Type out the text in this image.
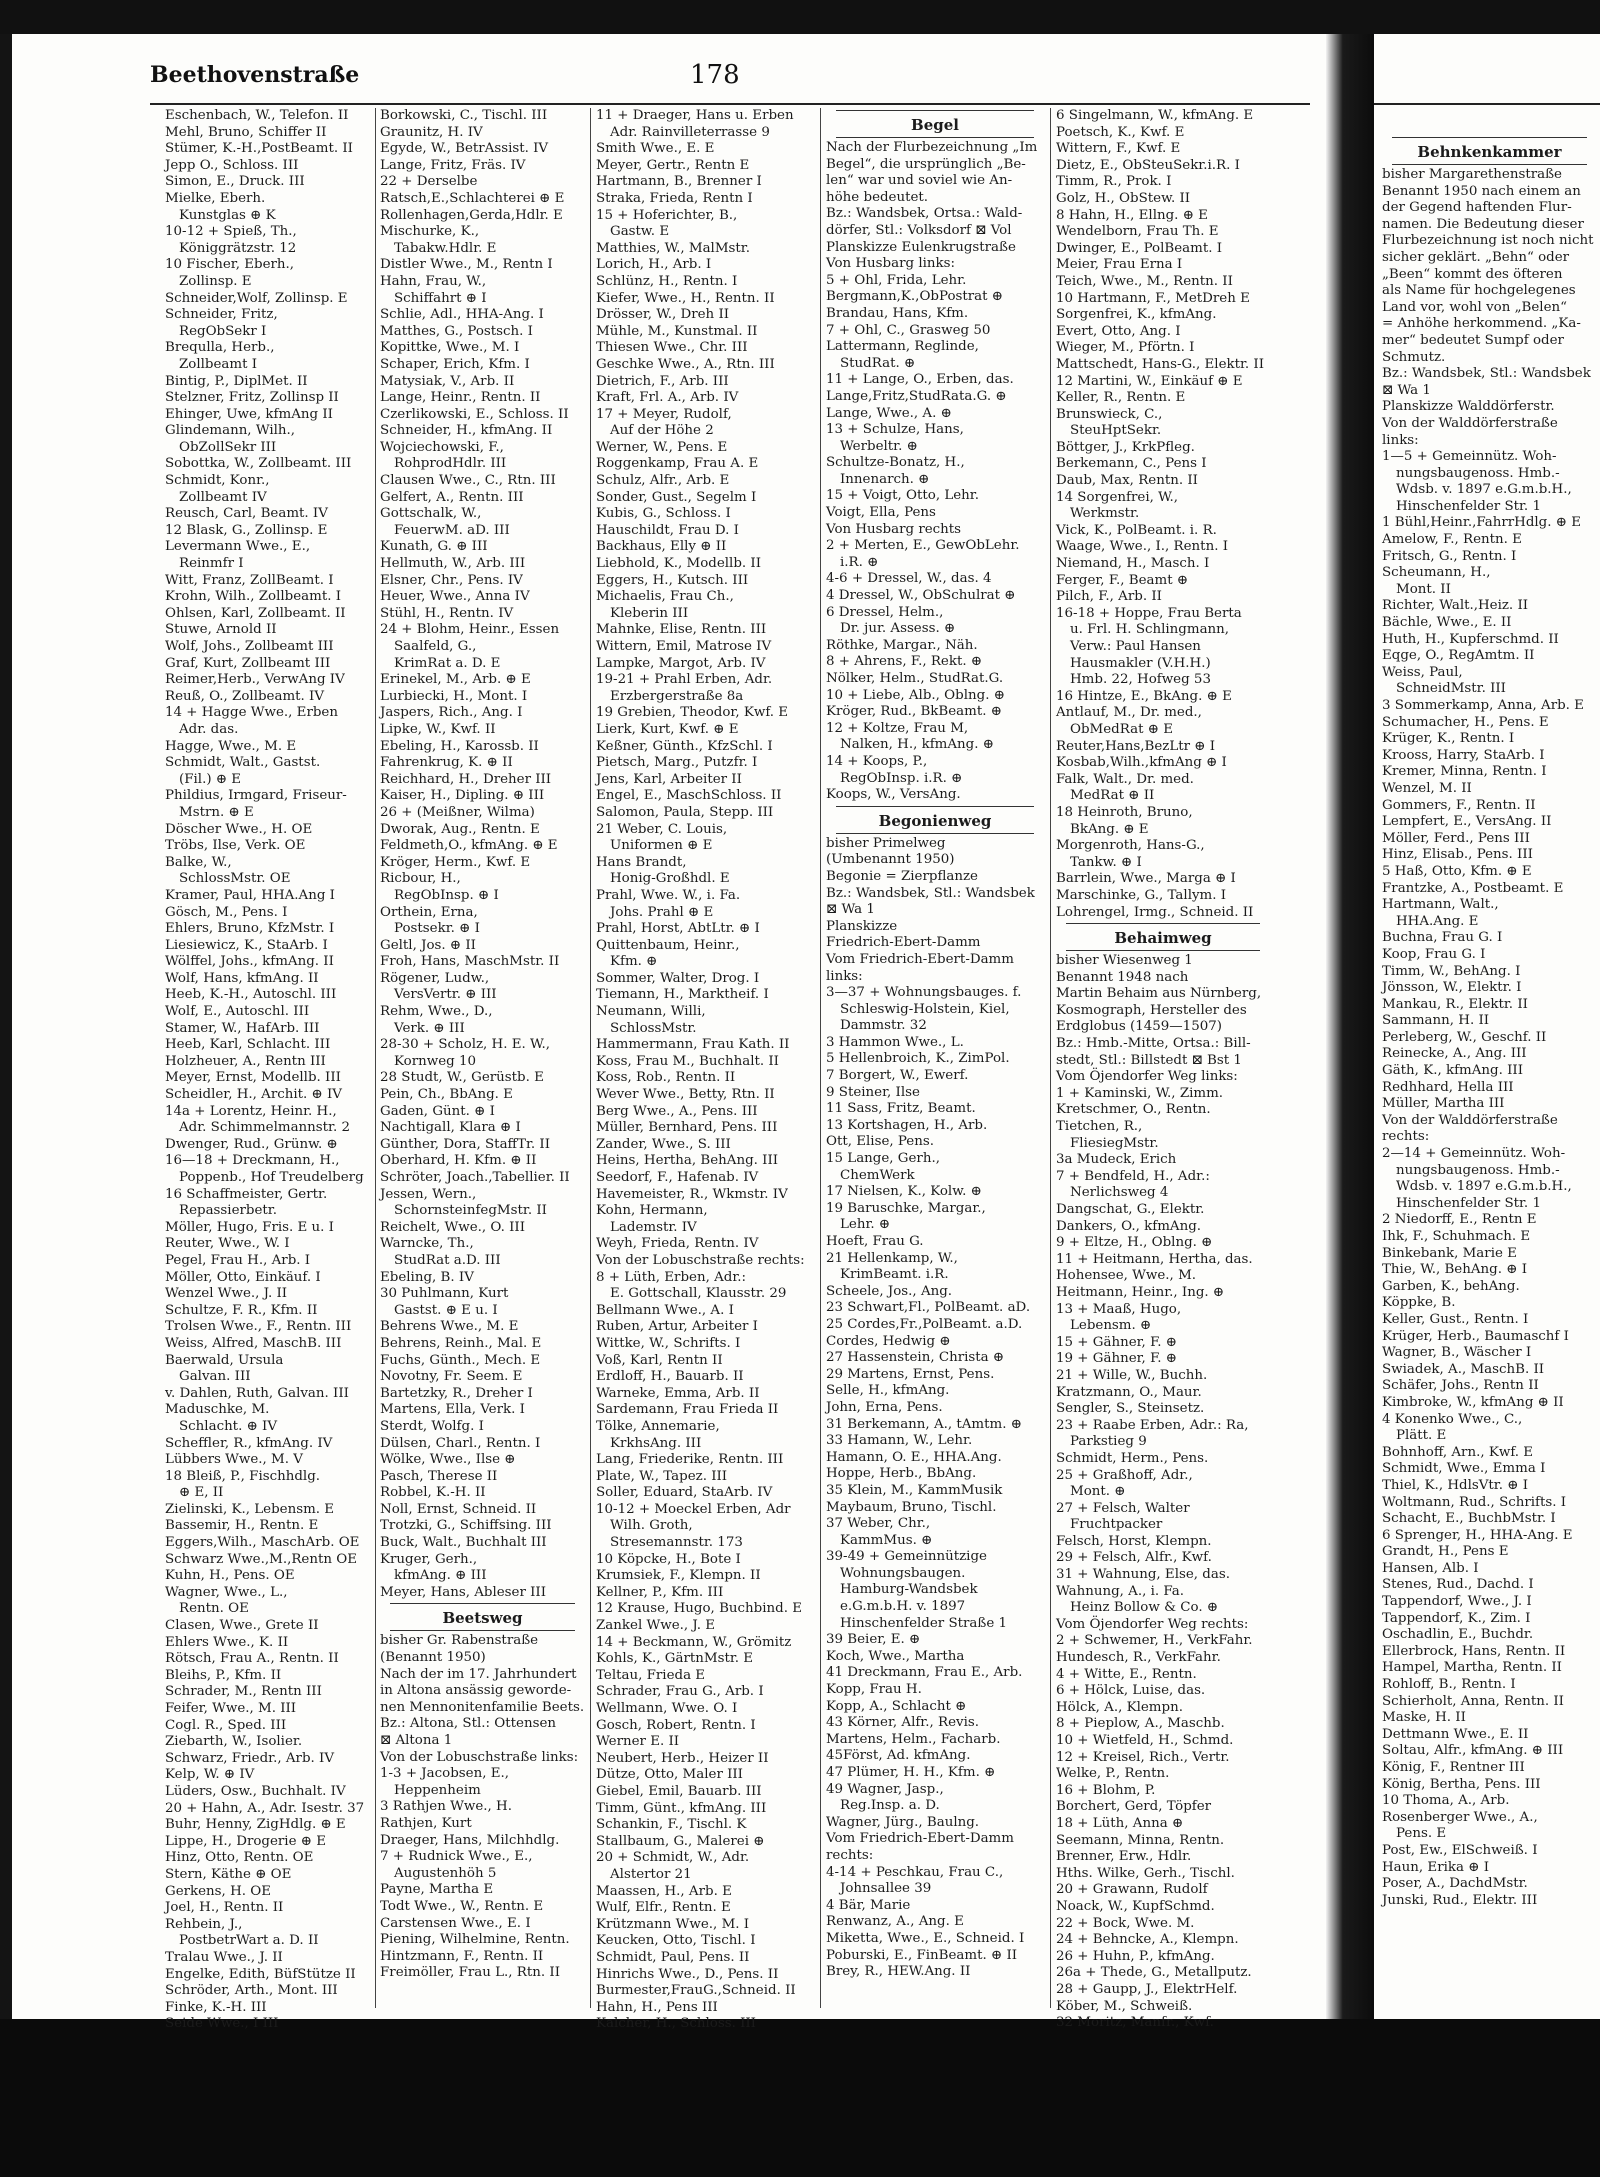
Beethovenstraße	178
Eschenbach, W., Telefon. II
Mehl, Bruno, Schiffer II
Stümer, K.-H.,PostBeamt. II
Jepp O., Schloss. III
Simon, E., Druck. III
Mielke, Eberh.
Kunstglas ⊕ K
10-12 + Spieß, Th.,
Königgrätzstr. 12
10 Fischer, Eberh.,
Zollinsp. E
Schneider,Wolf, Zollinsp. E
Schneider, Fritz,
RegObSekr I
Brequlla, Herb.,
Zollbeamt I
Bintig, P., DiplMet. II
Stelzner, Fritz, Zollinsp II
Ehinger, Uwe, kfmAng II
Glindemann, Wilh.,
ObZollSekr III
Sobottka, W., Zollbeamt. III
Schmidt, Konr.,
Zollbeamt IV
Reusch, Carl, Beamt. IV
12 Blask, G., Zollinsp. E
Levermann Wwe., E.,
Reinmfr I
Witt, Franz, ZollBeamt. I
Krohn, Wilh., Zollbeamt. I
Ohlsen, Karl, Zollbeamt. II
Stuwe, Arnold II
Wolf, Johs., Zollbeamt III
Graf, Kurt, Zollbeamt III
Reimer,Herb., VerwAng IV
Reuß, O., Zollbeamt. IV
14 + Hagge Wwe., Erben
Adr. das.
Hagge, Wwe., M. E
Schmidt, Walt., Gastst.
(Fil.) ⊕ E
Phildius, Irmgard, Friseur-
Mstrn. ⊕ E
Döscher Wwe., H. OE
Tröbs, Ilse, Verk. OE
Balke, W.,
SchlossMstr. OE
Kramer, Paul, HHA.Ang I
Gösch, M., Pens. I
Ehlers, Bruno, KfzMstr. I
Liesiewicz, K., StaArb. I
Wölffel, Johs., kfmAng. II
Wolf, Hans, kfmAng. II
Heeb, K.-H., Autoschl. III
Wolf, E., Autoschl. III
Stamer, W., HafArb. III
Heeb, Karl, Schlacht. III
Holzheuer, A., Rentn III
Meyer, Ernst, Modellb. III
Scheidler, H., Archit. ⊕ IV
14a + Lorentz, Heinr. H.,
Adr. Schimmelmannstr. 2
Dwenger, Rud., Grünw. ⊕
16—18 + Dreckmann, H.,
Poppenb., Hof Treudelberg
16 Schaffmeister, Gertr.
Repassierbetr.
Möller, Hugo, Fris. E u. I
Reuter, Wwe., W. I
Pegel, Frau H., Arb. I
Möller, Otto, Einkäuf. I
Wenzel Wwe., J. II
Schultze, F. R., Kfm. II
Trolsen Wwe., F., Rentn. III
Weiss, Alfred, MaschB. III
Baerwald, Ursula
Galvan. III
v. Dahlen, Ruth, Galvan. III
Maduschke, M.
Schlacht. ⊕ IV
Scheffler, R., kfmAng. IV
Lübbers Wwe., M. V
18 Bleiß, P., Fischhdlg.
⊕ E, II
Zielinski, K., Lebensm. E
Bassemir, H., Rentn. E
Eggers,Wilh., MaschArb. OE
Schwarz Wwe.,M.,Rentn OE
Kuhn, H., Pens. OE
Wagner, Wwe., L.,
Rentn. OE
Clasen, Wwe., Grete II
Ehlers Wwe., K. II
Rötsch, Frau A., Rentn. II
Bleihs, P., Kfm. II
Schrader, M., Rentn III
Feifer, Wwe., M. III
Cogl. R., Sped. III
Ziebarth, W., Isolier.
Schwarz, Friedr., Arb. IV
Kelp, W. ⊕ IV
Lüders, Osw., Buchhalt. IV
20 + Hahn, A., Adr. Isestr. 37
Buhr, Henny, ZigHdlg. ⊕ E
Lippe, H., Drogerie ⊕ E
Hinz, Otto, Rentn. OE
Stern, Käthe ⊕ OE
Gerkens, H. OE
Joel, H., Rentn. II
Rehbein, J.,
PostbetrWart a. D. II
Tralau Wwe., J. II
Engelke, Edith, BüfStütze II
Schröder, Arth., Mont. III
Finke, K.-H. III
Seide Wwe., I III
Borkowski, C., Tischl. III
Graunitz, H. IV
Egyde, W., BetrAssist. IV
Lange, Fritz, Fräs. IV
22 + Derselbe
Ratsch,E.,Schlachterei ⊕ E
Rollenhagen,Gerda,Hdlr. E
Mischurke, K.,
Tabakw.Hdlr. E
Distler Wwe., M., Rentn I
Hahn, Frau, W.,
Schiffahrt ⊕ I
Schlie, Adl., HHA-Ang. I
Matthes, G., Postsch. I
Kopittke, Wwe., M. I
Schaper, Erich, Kfm. I
Matysiak, V., Arb. II
Lange, Heinr., Rentn. II
Czerlikowski, E., Schloss. II
Schneider, H., kfmAng. II
Wojciechowski, F.,
RohprodHdlr. III
Clausen Wwe., C., Rtn. III
Gelfert, A., Rentn. III
Gottschalk, W.,
FeuerwM. aD. III
Kunath, G. ⊕ III
Hellmuth, W., Arb. III
Elsner, Chr., Pens. IV
Heuer, Wwe., Anna IV
Stühl, H., Rentn. IV
24 + Blohm, Heinr., Essen
Saalfeld, G.,
KrimRat a. D. E
Erinekel, M., Arb. ⊕ E
Lurbiecki, H., Mont. I
Jaspers, Rich., Ang. I
Lipke, W., Kwf. II
Ebeling, H., Karossb. II
Fahrenkrug, K. ⊕ II
Reichhard, H., Dreher III
Kaiser, H., Dipling. ⊕ III
26 + (Meißner, Wilma)
Dworak, Aug., Rentn. E
Feldmeth,O., kfmAng. ⊕ E
Kröger, Herm., Kwf. E
Ricbour, H.,
RegObInsp. ⊕ I
Orthein, Erna,
Postsekr. ⊕ I
Geltl, Jos. ⊕ II
Froh, Hans, MaschMstr. II
Rögener, Ludw.,
VersVertr. ⊕ III
Rehm, Wwe., D.,
Verk. ⊕ III
28-30 + Scholz, H. E. W.,
Kornweg 10
28 Studt, W., Gerüstb. E
Pein, Ch., BbAng. E
Gaden, Günt. ⊕ I
Nachtigall, Klara ⊕ I
Günther, Dora, StaffTr. II
Oberhard, H. Kfm. ⊕ II
Schröter, Joach.,Tabellier. II
Jessen, Wern.,
SchornsteinfegMstr. II
Reichelt, Wwe., O. III
Warncke, Th.,
StudRat a.D. III
Ebeling, B. IV
30 Puhlmann, Kurt
Gastst. ⊕ E u. I
Behrens Wwe., M. E
Behrens, Reinh., Mal. E
Fuchs, Günth., Mech. E
Novotny, Fr. Seem. E
Bartetzky, R., Dreher I
Martens, Ella, Verk. I
Sterdt, Wolfg. I
Dülsen, Charl., Rentn. I
Wölke, Wwe., Ilse ⊕
Pasch, Therese II
Robbel, K.-H. II
Noll, Ernst, Schneid. II
Trotzki, G., Schiffsing. III
Buck, Walt., Buchhalt III
Kruger, Gerh.,
kfmAng. ⊕ III
Meyer, Hans, Ableser III
Beetsweg
bisher Gr. Rabenstraße
(Benannt 1950)
Nach der im 17. Jahrhundert
in Altona ansässig geworde-
nen Mennonitenfamilie Beets.
Bz.: Altona, Stl.: Ottensen
⊠ Altona 1
Von der Lobuschstraße links:
1-3 + Jacobsen, E.,
Heppenheim
3 Rathjen Wwe., H.
Rathjen, Kurt
Draeger, Hans, Milchhdlg.
7 + Rudnick Wwe., E.,
Augustenhöh 5
Payne, Martha E
Todt Wwe., W., Rentn. E
Carstensen Wwe., E. I
Piening, Wilhelmine, Rentn.
Hintzmann, F., Rentn. II
Freimöller, Frau L., Rtn. II
11 + Draeger, Hans u. Erben
Adr. Rainvilleterrasse 9
Smith Wwe., E. E
Meyer, Gertr., Rentn E
Hartmann, B., Brenner I
Straka, Frieda, Rentn I
15 + Hoferichter, B.,
Gastw. E
Matthies, W., MalMstr.
Lorich, H., Arb. I
Schlünz, H., Rentn. I
Kiefer, Wwe., H., Rentn. II
Drösser, W., Dreh II
Mühle, M., Kunstmal. II
Thiesen Wwe., Chr. III
Geschke Wwe., A., Rtn. III
Dietrich, F., Arb. III
Kraft, Frl. A., Arb. IV
17 + Meyer, Rudolf,
Auf der Höhe 2
Werner, W., Pens. E
Roggenkamp, Frau A. E
Schulz, Alfr., Arb. E
Sonder, Gust., Segelm I
Kubis, G., Schloss. I
Hauschildt, Frau D. I
Backhaus, Elly ⊕ II
Liebhold, K., Modellb. II
Eggers, H., Kutsch. III
Michaelis, Frau Ch.,
Kleberin III
Mahnke, Elise, Rentn. III
Wittern, Emil, Matrose IV
Lampke, Margot, Arb. IV
19-21 + Prahl Erben, Adr.
Erzbergerstraße 8a
19 Grebien, Theodor, Kwf. E
Lierk, Kurt, Kwf. ⊕ E
Keßner, Günth., KfzSchl. I
Pietsch, Marg., Putzfr. I
Jens, Karl, Arbeiter II
Engel, E., MaschSchloss. II
Salomon, Paula, Stepp. III
21 Weber, C. Louis,
Uniformen ⊕ E
Hans Brandt,
Honig-Großhdl. E
Prahl, Wwe. W., i. Fa.
Johs. Prahl ⊕ E
Prahl, Horst, AbtLtr. ⊕ I
Quittenbaum, Heinr.,
Kfm. ⊕
Sommer, Walter, Drog. I
Tiemann, H., Marktheif. I
Neumann, Willi,
SchlossMstr.
Hammermann, Frau Kath. II
Koss, Frau M., Buchhalt. II
Koss, Rob., Rentn. II
Wever Wwe., Betty, Rtn. II
Berg Wwe., A., Pens. III
Müller, Bernhard, Pens. III
Zander, Wwe., S. III
Heins, Hertha, BehAng. III
Seedorf, F., Hafenab. IV
Havemeister, R., Wkmstr. IV
Kohn, Hermann,
Lademstr. IV
Weyh, Frieda, Rentn. IV
Von der Lobuschstraße rechts:
8 + Lüth, Erben, Adr.:
E. Gottschall, Klausstr. 29
Bellmann Wwe., A. I
Ruben, Artur, Arbeiter I
Wittke, W., Schrifts. I
Voß, Karl, Rentn II
Erdloff, H., Bauarb. II
Warneke, Emma, Arb. II
Sardemann, Frau Frieda II
Tölke, Annemarie,
KrkhsAng. III
Lang, Friederike, Rentn. III
Plate, W., Tapez. III
Soller, Eduard, StaArb. IV
10-12 + Moeckel Erben, Adr
Wilh. Groth,
Stresemannstr. 173
10 Köpcke, H., Bote I
Krumsiek, F., Klempn. II
Kellner, P., Kfm. III
12 Krause, Hugo, Buchbind. E
Zankel Wwe., J. E
14 + Beckmann, W., Grömitz
Kohls, K., GärtnMstr. E
Teltau, Frieda E
Schrader, Frau G., Arb. I
Wellmann, Wwe. O. I
Gosch, Robert, Rentn. I
Werner E. II
Neubert, Herb., Heizer II
Dütze, Otto, Maler III
Giebel, Emil, Bauarb. III
Timm, Günt., kfmAng. III
Schankin, F., Tischl. K
Stallbaum, G., Malerei ⊕
20 + Schmidt, W., Adr.
Alstertor 21
Maassen, H., Arb. E
Wulf, Elfr., Rentn. E
Krützmann Wwe., M. I
Keucken, Otto, Tischl. I
Schmidt, Paul, Pens. II
Hinrichs Wwe., D., Pens. II
Burmester,FrauG.,Schneid. II
Hahn, H., Pens III
Kalcher, H., Schloss. III
Begel
Nach der Flurbezeichnung „Im
Begel“, die ursprünglich „Be-
len“ war und soviel wie An-
höhe bedeutet.
Bz.: Wandsbek, Ortsa.: Wald-
dörfer, Stl.: Volksdorf ⊠ Vol
Planskizze Eulenkrugstraße
Von Husbarg links:
5 + Ohl, Frida, Lehr.
Bergmann,K.,ObPostrat ⊕
Brandau, Hans, Kfm.
7 + Ohl, C., Grasweg 50
Lattermann, Reglinde,
StudRat. ⊕
11 + Lange, O., Erben, das.
Lange,Fritz,StudRatа.G. ⊕
Lange, Wwe., A. ⊕
13 + Schulze, Hans,
Werbeltr. ⊕
Schultze-Bonatz, H.,
Innenarch. ⊕
15 + Voigt, Otto, Lehr.
Voigt, Ella, Pens
Von Husbarg rechts
2 + Merten, E., GewObLehr.
i.R. ⊕
4-6 + Dressel, W., das. 4
4 Dressel, W., ObSchulrat ⊕
6 Dressel, Helm.,
Dr. jur. Assess. ⊕
Röthke, Margar., Näh.
8 + Ahrens, F., Rekt. ⊕
Nölker, Helm., StudRat.G.
10 + Liebe, Alb., Oblng. ⊕
Kröger, Rud., BkBeamt. ⊕
12 + Koltze, Frau M,
Nalken, H., kfmAng. ⊕
14 + Koops, P.,
RegObInsp. i.R. ⊕
Koops, W., VersAng.
Begonienweg
bisher Primelweg
(Umbenannt 1950)
Begonie = Zierpflanze
Bz.: Wandsbek, Stl.: Wandsbek
⊠ Wa 1
Planskizze
Friedrich-Ebert-Damm
Vom Friedrich-Ebert-Damm
links:
3—37 + Wohnungsbauges. f.
Schleswig-Holstein, Kiel,
Dammstr. 32
3 Hammon Wwe., L.
5 Hellenbroich, K., ZimPol.
7 Borgert, W., Ewerf.
9 Steiner, Ilse
11 Sass, Fritz, Beamt.
13 Kortshagen, H., Arb.
Ott, Elise, Pens.
15 Lange, Gerh.,
ChemWerk
17 Nielsen, K., Kolw. ⊕
19 Baruschke, Margar.,
Lehr. ⊕
Hoeft, Frau G.
21 Hellenkamp, W.,
KrimBeamt. i.R.
Scheele, Jos., Ang.
23 Schwart,Fl., PolBeamt. aD.
25 Cordes,Fr.,PolBeamt. a.D.
Cordes, Hedwig ⊕
27 Hassenstein, Christa ⊕
29 Martens, Ernst, Pens.
Selle, H., kfmAng.
John, Erna, Pens.
31 Berkemann, A., tAmtm. ⊕
33 Hamann, W., Lehr.
Hamann, O. E., HHA.Ang.
Hoppe, Herb., BbAng.
35 Klein, M., KammMusik
Maybaum, Bruno, Tischl.
37 Weber, Chr.,
KammMus. ⊕
39-49 + Gemeinnützige
Wohnungsbaugen.
Hamburg-Wandsbek
e.G.m.b.H. v. 1897
Hinschenfelder Straße 1
39 Beier, E. ⊕
Koch, Wwe., Martha
41 Dreckmann, Frau E., Arb.
Kopp, Frau H.
Kopp, A., Schlacht ⊕
43 Körner, Alfr., Revis.
Martens, Helm., Facharb.
45Först, Ad. kfmAng.
47 Plümer, H. H., Kfm. ⊕
49 Wagner, Jasp.,
Reg.Insp. a. D.
Wagner, Jürg., Baulng.
Vom Friedrich-Ebert-Damm
rechts:
4-14 + Peschkau, Frau C.,
Johnsallee 39
4 Bär, Marie
Renwanz, A., Ang. E
Miketta, Wwe., E., Schneid. I
Poburski, E., FinBeamt. ⊕ II
Brey, R., HEW.Ang. II
6 Singelmann, W., kfmAng. E
Poetsch, K., Kwf. E
Wittern, F., Kwf. E
Dietz, E., ObSteuSekr.i.R. I
Timm, R., Prok. I
Golz, H., ObStew. II
8 Hahn, H., Ellng. ⊕ E
Wendelborn, Frau Th. E
Dwinger, E., PolBeamt. I
Meier, Frau Erna I
Teich, Wwe., M., Rentn. II
10 Hartmann, F., MetDreh E
Sorgenfrei, K., kfmAng.
Evert, Otto, Ang. I
Wieger, M., Pförtn. I
Mattschedt, Hans-G., Elektr. II
12 Martini, W., Einkäuf ⊕ E
Keller, R., Rentn. E
Brunswieck, C.,
SteuHptSekr.
Böttger, J., KrkPfleg.
Berkemann, C., Pens I
Daub, Max, Rentn. II
14 Sorgenfrei, W.,
Werkmstr.
Vick, K., PolBeamt. i. R.
Waage, Wwe., I., Rentn. I
Niemand, H., Masch. I
Ferger, F., Beamt ⊕
Pilch, F., Arb. II
16-18 + Hoppe, Frau Berta
u. Frl. H. Schlingmann,
Verw.: Paul Hansen
Hausmakler (V.H.H.)
Hmb. 22, Hofweg 53
16 Hintze, E., BkAng. ⊕ E
Antlauf, M., Dr. med.,
ObMedRat ⊕ E
Reuter,Hans,BezLtr ⊕ I
Kosbab,Wilh.,kfmAng ⊕ I
Falk, Walt., Dr. med.
MedRat ⊕ II
18 Heinroth, Bruno,
BkAng. ⊕ E
Morgenroth, Hans-G.,
Tankw. ⊕ I
Barrlein, Wwe., Marga ⊕ I
Marschinke, G., Tallym. I
Lohrengel, Irmg., Schneid. II
Behaimweg
bisher Wiesenweg 1
Benannt 1948 nach
Martin Behaim aus Nürnberg,
Kosmograph, Hersteller des
Erdglobus (1459—1507)
Bz.: Hmb.-Mitte, Ortsa.: Bill-
stedt, Stl.: Billstedt ⊠ Bst 1
Vom Öjendorfer Weg links:
1 + Kaminski, W., Zimm.
Kretschmer, O., Rentn.
Tietchen, R.,
FliesiegMstr.
3a Mudeck, Erich
7 + Bendfeld, H., Adr.:
Nerlichsweg 4
Dangschat, G., Elektr.
Dankers, O., kfmAng.
9 + Eltze, H., Oblng. ⊕
11 + Heitmann, Hertha, das.
Hohensee, Wwe., M.
Heitmann, Heinr., Ing. ⊕
13 + Maaß, Hugo,
Lebensm. ⊕
15 + Gähner, F. ⊕
19 + Gähner, F. ⊕
21 + Wille, W., Buchh.
Kratzmann, O., Maur.
Sengler, S., Steinsetz.
23 + Raabe Erben, Adr.: Ra,
Parkstieg 9
Schmidt, Herm., Pens.
25 + Graßhoff, Adr.,
Mont. ⊕
27 + Felsch, Walter
Fruchtpacker
Felsch, Horst, Klempn.
29 + Felsch, Alfr., Kwf.
31 + Wahnung, Else, das.
Wahnung, A., i. Fa.
Heinz Bollow & Co. ⊕
Vom Öjendorfer Weg rechts:
2 + Schwemer, H., VerkFahr.
Hundesch, R., VerkFahr.
4 + Witte, E., Rentn.
6 + Hölck, Luise, das.
Hölck, A., Klempn.
8 + Pieplow, A., Maschb.
10 + Wietfeld, H., Schmd.
12 + Kreisel, Rich., Vertr.
Welke, P., Rentn.
16 + Blohm, P.
Borchert, Gerd, Töpfer
18 + Lüth, Anna ⊕
Seemann, Minna, Rentn.
Brenner, Erw., Hdlr.
Hths. Wilke, Gerh., Tischl.
20 + Grawann, Rudolf
Noack, W., KupfSchmd.
22 + Bock, Wwe. M.
24 + Behncke, A., Klempn.
26 + Huhn, P., kfmAng.
26a + Thede, G., Metallputz.
28 + Gaupp, J., ElektrHelf.
Köber, M., Schweiß.
32 Moritz, Manfr., Kwf.
Behnkenkammer
bisher Margarethenstraße
Benannt 1950 nach einem an
der Gegend haftenden Flur-
namen. Die Bedeutung dieser
Flurbezeichnung ist noch nicht
sicher geklärt. „Behn“ oder
„Been“ kommt des öfteren
als Name für hochgelegenes
Land vor, wohl von „Belen“
= Anhöhe herkommend. „Ka-
mer“ bedeutet Sumpf oder
Schmutz.
Bz.: Wandsbek, Stl.: Wandsbek
⊠ Wa 1
Planskizze Walddörferstr.
Von der Walddörferstraße
links:
1—5 + Gemeinnütz. Woh-
nungsbaugenoss. Hmb.-
Wdsb. v. 1897 e.G.m.b.H.,
Hinschenfelder Str. 1
1 Bühl,Heinr.,FahrrHdlg. ⊕ E
Amelow, F., Rentn. E
Fritsch, G., Rentn. I
Scheumann, H.,
Mont. II
Richter, Walt.,Heiz. II
Bächle, Wwe., E. II
Huth, H., Kupferschmd. II
Eqge, O., RegAmtm. II
Weiss, Paul,
SchneidMstr. III
3 Sommerkamp, Anna, Arb. E
Schumacher, H., Pens. E
Krüger, K., Rentn. I
Krooss, Harry, StaArb. I
Kremer, Minna, Rentn. I
Wenzel, M. II
Gommers, F., Rentn. II
Lempfert, E., VersAng. II
Möller, Ferd., Pens III
Hinz, Elisab., Pens. III
5 Haß, Otto, Kfm. ⊕ E
Frantzke, A., Postbeamt. E
Hartmann, Walt.,
HHA.Ang. E
Buchna, Frau G. I
Koop, Frau G. I
Timm, W., BehAng. I
Jönsson, W., Elektr. I
Mankau, R., Elektr. II
Sammann, H. II
Perleberg, W., Geschf. II
Reinecke, A., Ang. III
Gäth, K., kfmAng. III
Redhhard, Hella III
Müller, Martha III
Von der Walddörferstraße
rechts:
2—14 + Gemeinnütz. Woh-
nungsbaugenoss. Hmb.-
Wdsb. v. 1897 e.G.m.b.H.,
Hinschenfelder Str. 1
2 Niedorff, E., Rentn E
Ihk, F., Schuhmach. E
Binkebank, Marie E
Thie, W., BehAng. ⊕ I
Garben, K., behAng.
Köppke, B.
Keller, Gust., Rentn. I
Krüger, Herb., Baumaschf I
Wagner, B., Wäscher I
Swiadek, A., MaschB. II
Schäfer, Johs., Rentn II
Kimbroke, W., kfmAng ⊕ II
4 Konenko Wwe., C.,
Plätt. E
Bohnhoff, Arn., Kwf. E
Schmidt, Wwe., Emma I
Thiel, K., HdlsVtr. ⊕ I
Woltmann, Rud., Schrifts. I
Schacht, E., BuchbMstr. I
6 Sprenger, H., HHA-Ang. E
Grandt, H., Pens E
Hansen, Alb. I
Stenes, Rud., Dachd. I
Tappendorf, Wwe., J. I
Tappendorf, K., Zim. I
Oschadlin, E., Buchdr.
Ellerbrock, Hans, Rentn. II
Hampel, Martha, Rentn. II
Rohloff, B., Rentn. I
Schierholt, Anna, Rentn. II
Maske, H. II
Dettmann Wwe., E. II
Soltau, Alfr., kfmAng. ⊕ III
König, F., Rentner III
König, Bertha, Pens. III
10 Thoma, A., Arb.
Rosenberger Wwe., A.,
Pens. E
Post, Ew., ElSchweiß. I
Haun, Erika ⊕ I
Poser, A., DachdMstr.
Junski, Rud., Elektr. III
